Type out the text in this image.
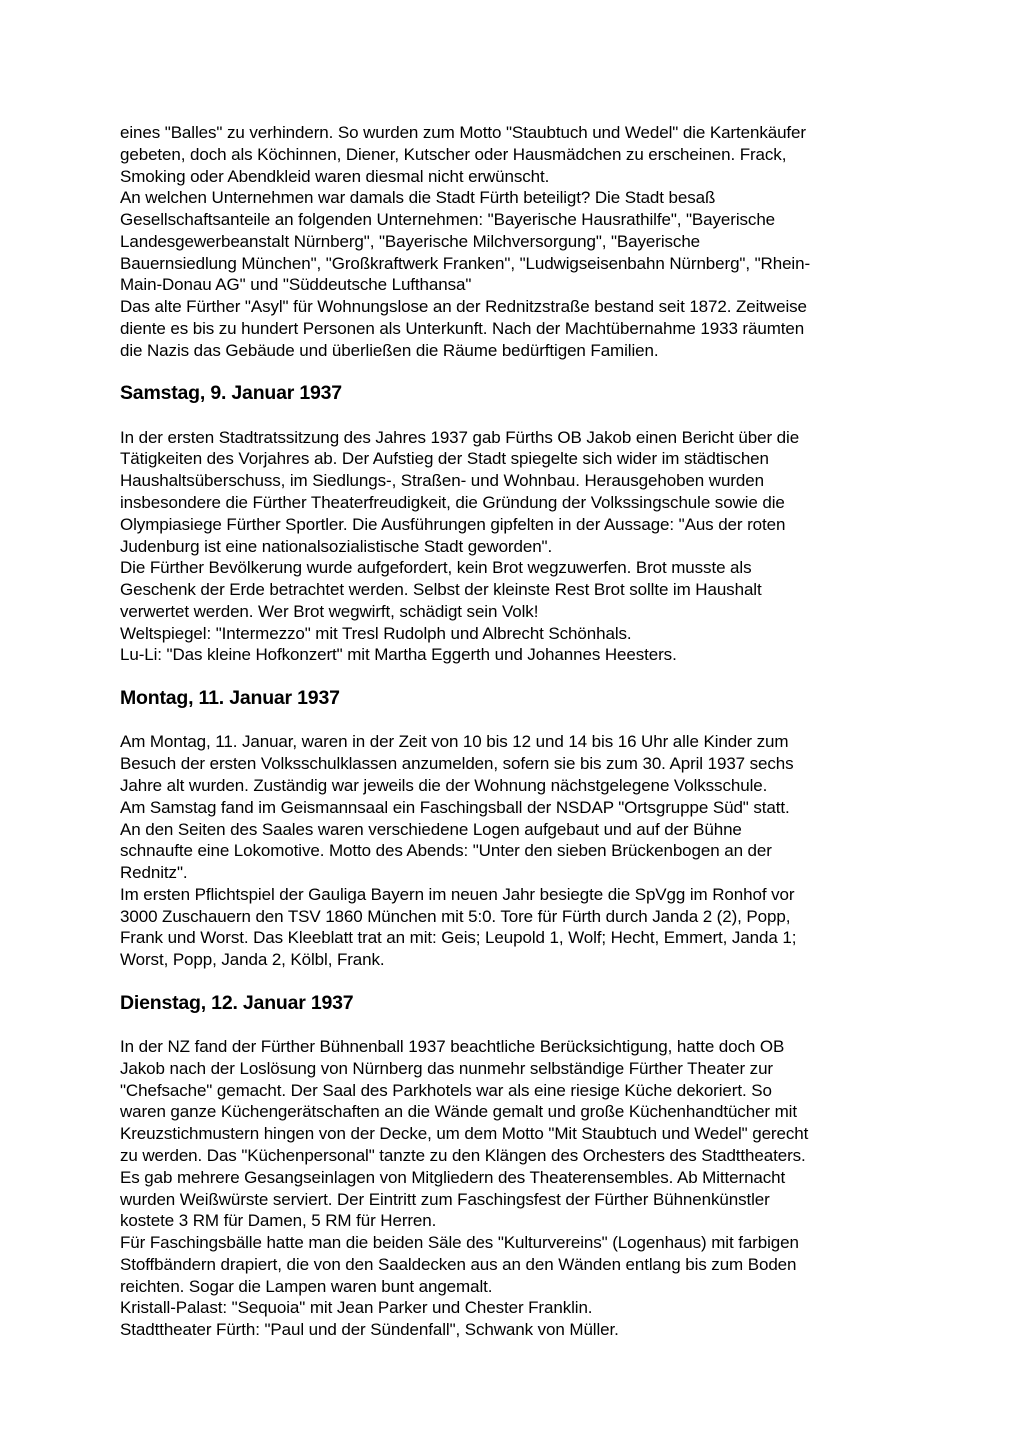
eines "Balles" zu verhindern. So wurden zum Motto "Staubtuch und Wedel" die Kartenkäufer
gebeten, doch als Köchinnen, Diener, Kutscher oder Hausmädchen zu erscheinen. Frack,
Smoking oder Abendkleid waren diesmal nicht erwünscht.
An welchen Unternehmen war damals die Stadt Fürth beteiligt? Die Stadt besaß
Gesellschaftsanteile an folgenden Unternehmen: "Bayerische Hausrathilfe", "Bayerische
Landesgewerbeanstalt Nürnberg", "Bayerische Milchversorgung", "Bayerische
Bauernsiedlung München", "Großkraftwerk Franken", "Ludwigseisenbahn Nürnberg", "Rhein-
Main-Donau AG" und "Süddeutsche Lufthansa"
Das alte Fürther "Asyl" für Wohnungslose an der Rednitzstraße bestand seit 1872. Zeitweise
diente es bis zu hundert Personen als Unterkunft. Nach der Machtübernahme 1933 räumten
die Nazis das Gebäude und überließen die Räume bedürftigen Familien.

Samstag, 9. Januar 1937

In der ersten Stadtratssitzung des Jahres 1937 gab Fürths OB Jakob einen Bericht über die
Tätigkeiten des Vorjahres ab. Der Aufstieg der Stadt spiegelte sich wider im städtischen
Haushaltsüberschuss, im Siedlungs-, Straßen- und Wohnbau. Herausgehoben wurden
insbesondere die Fürther Theaterfreudigkeit, die Gründung der Volkssingschule sowie die
Olympiasiege Fürther Sportler. Die Ausführungen gipfelten in der Aussage: "Aus der roten
Judenburg ist eine nationalsozialistische Stadt geworden".
Die Fürther Bevölkerung wurde aufgefordert, kein Brot wegzuwerfen. Brot musste als
Geschenk der Erde betrachtet werden. Selbst der kleinste Rest Brot sollte im Haushalt
verwertet werden. Wer Brot wegwirft, schädigt sein Volk!
Weltspiegel: "Intermezzo" mit Tresl Rudolph und Albrecht Schönhals.
Lu-Li: "Das kleine Hofkonzert" mit Martha Eggerth und Johannes Heesters.

Montag, 11. Januar 1937

Am Montag, 11. Januar, waren in der Zeit von 10 bis 12 und 14 bis 16 Uhr alle Kinder zum
Besuch der ersten Volksschulklassen anzumelden, sofern sie bis zum 30. April 1937 sechs
Jahre alt wurden. Zuständig war jeweils die der Wohnung nächstgelegene Volksschule.
Am Samstag fand im Geismannsaal ein Faschingsball der NSDAP "Ortsgruppe Süd" statt.
An den Seiten des Saales waren verschiedene Logen aufgebaut und auf der Bühne
schnaufte eine Lokomotive. Motto des Abends: "Unter den sieben Brückenbogen an der
Rednitz".
Im ersten Pflichtspiel der Gauliga Bayern im neuen Jahr besiegte die SpVgg im Ronhof vor
3000 Zuschauern den TSV 1860 München mit 5:0. Tore für Fürth durch Janda 2 (2), Popp,
Frank und Worst. Das Kleeblatt trat an mit: Geis; Leupold 1, Wolf; Hecht, Emmert, Janda 1;
Worst, Popp, Janda 2, Kölbl, Frank.

Dienstag, 12. Januar 1937

In der NZ fand der Fürther Bühnenball 1937 beachtliche Berücksichtigung, hatte doch OB
Jakob nach der Loslösung von Nürnberg das nunmehr selbständige Fürther Theater zur
"Chefsache" gemacht. Der Saal des Parkhotels war als eine riesige Küche dekoriert. So
waren ganze Küchengerätschaften an die Wände gemalt und große Küchenhandtücher mit
Kreuzstichmustern hingen von der Decke, um dem Motto "Mit Staubtuch und Wedel" gerecht
zu werden. Das "Küchenpersonal" tanzte zu den Klängen des Orchesters des Stadttheaters.
Es gab mehrere Gesangseinlagen von Mitgliedern des Theaterensembles. Ab Mitternacht
wurden Weißwürste serviert. Der Eintritt zum Faschingsfest der Fürther Bühnenkünstler
kostete 3 RM für Damen, 5 RM für Herren.
Für Faschingsbälle hatte man die beiden Säle des "Kulturvereins" (Logenhaus) mit farbigen
Stoffbändern drapiert, die von den Saaldecken aus an den Wänden entlang bis zum Boden
reichten. Sogar die Lampen waren bunt angemalt.
Kristall-Palast: "Sequoia" mit Jean Parker und Chester Franklin.
Stadttheater Fürth: "Paul und der Sündenfall", Schwank von Müller.
